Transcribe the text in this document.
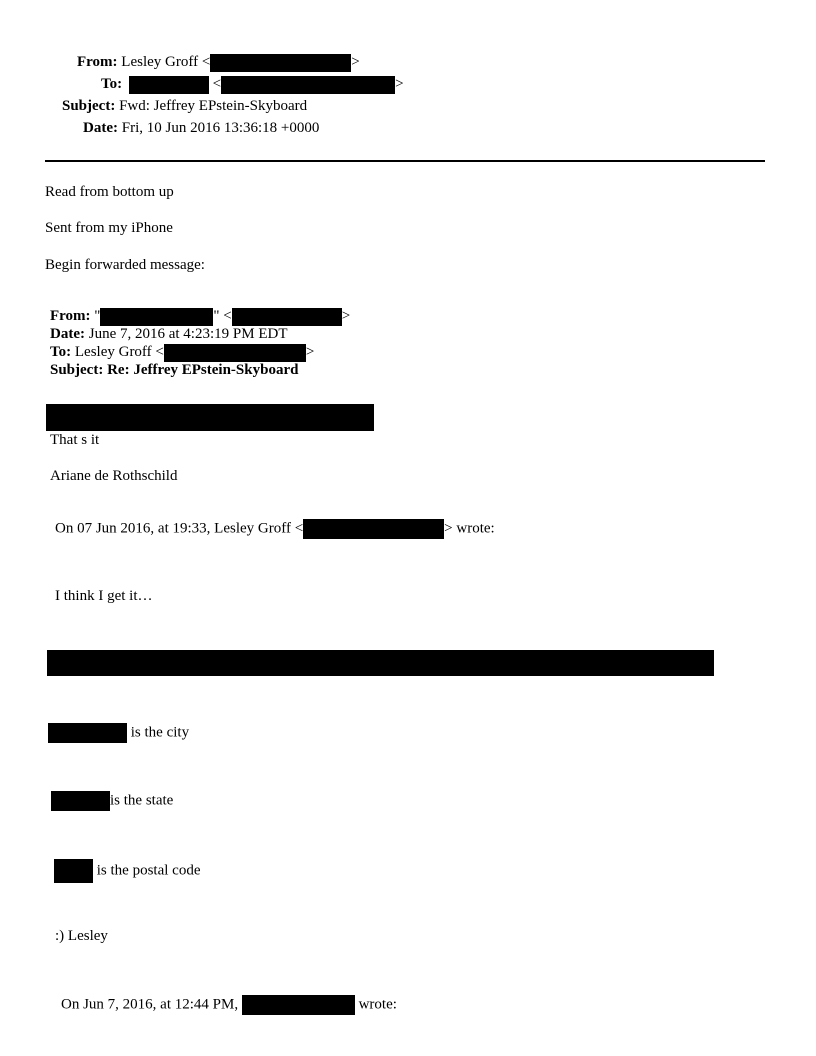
From: Lesley Groff <	>
To:	<	>
Subject: Fwd: Jeffrey EPstein-Skyboard
Date: Fri, 10 Jun 2016 13:36:18 +0000
Read from bottom up
Sent from my iPhone
Begin forwarded message:
From: "	" <	>
Date: June 7, 2016 at 4:23:19 PM EDT
To: Lesley Groff <	>
Subject: Re: Jeffrey EPstein-Skyboard
That s it
Ariane de Rothschild
On 07 Jun 2016, at 19:33, Lesley Groff <	> wrote:
I think I get it…
is the city
is the state
is the postal code
:) Lesley
On Jun 7, 2016, at 12:44 PM,	wrote:
